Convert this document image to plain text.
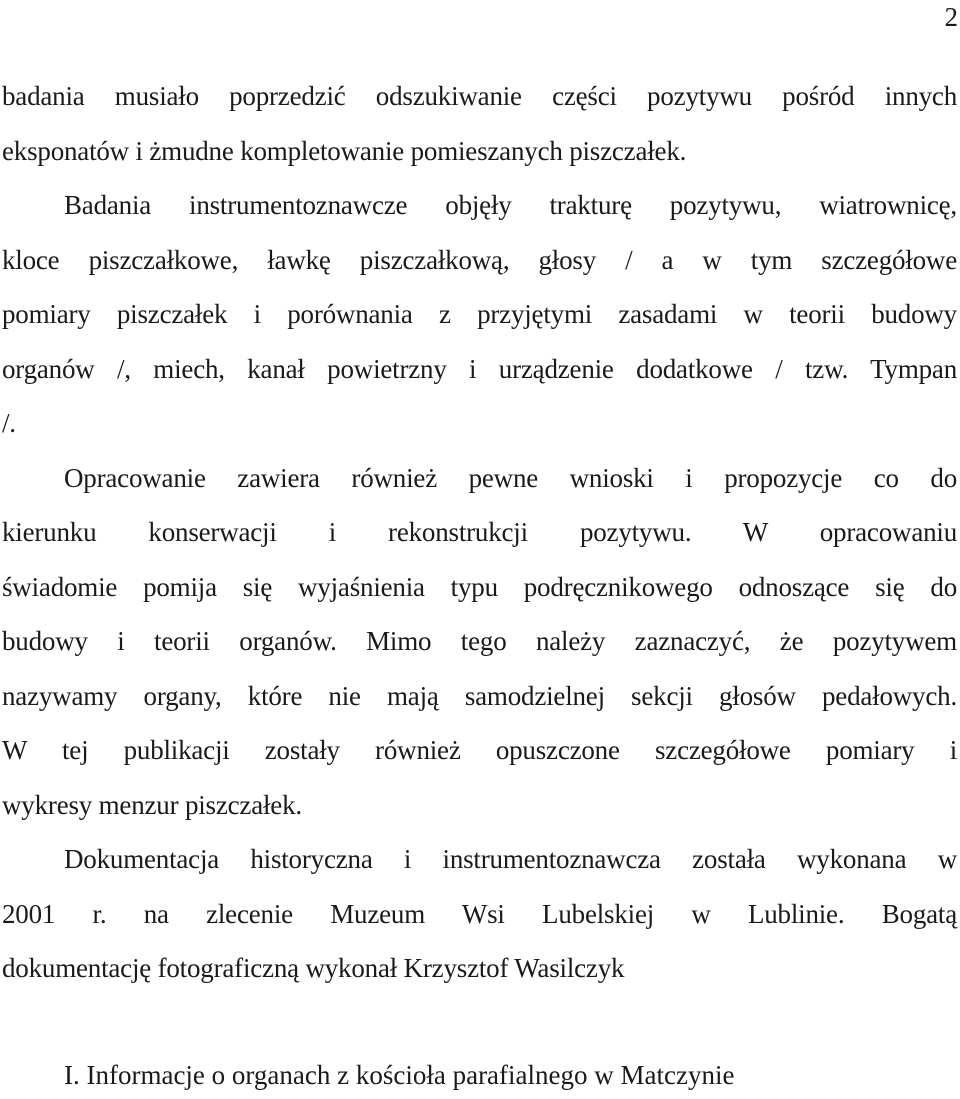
2
badania musiało poprzedzić odszukiwanie części pozytywu pośród innych
eksponatów i żmudne kompletowanie pomieszanych piszczałek.
Badania instrumentoznawcze objęły trakturę pozytywu, wiatrownicę,
kloce piszczałkowe, ławkę piszczałkową, głosy / a w tym szczegółowe
pomiary piszczałek i porównania z przyjętymi zasadami w teorii budowy
organów /, miech, kanał powietrzny i urządzenie dodatkowe / tzw. Tympan
/.
Opracowanie zawiera również pewne wnioski i propozycje co do
kierunku konserwacji i rekonstrukcji pozytywu. W opracowaniu
świadomie pomija się wyjaśnienia typu podręcznikowego odnoszące się do
budowy i teorii organów. Mimo tego należy zaznaczyć, że pozytywem
nazywamy organy, które nie mają samodzielnej sekcji głosów pedałowych.
W tej publikacji zostały również opuszczone szczegółowe pomiary i
wykresy menzur piszczałek.
Dokumentacja historyczna i instrumentoznawcza została wykonana w
2001 r. na zlecenie Muzeum Wsi Lubelskiej w Lublinie. Bogatą
dokumentację fotograficzną wykonał Krzysztof Wasilczyk
I. Informacje o organach z kościoła parafialnego w Matczynie
